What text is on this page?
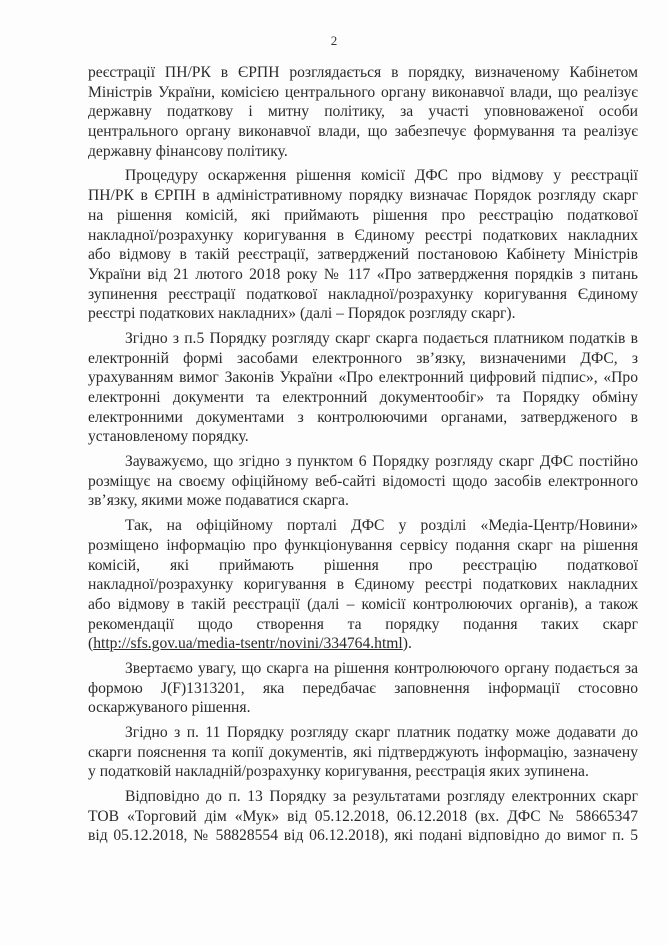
2
реєстрації ПН/РК в ЄРПН розглядається в порядку, визначеному Кабінетом
Міністрів України, комісією центрального органу виконавчої влади, що реалізує
державну податкову і митну політику, за участі уповноваженої особи
центрального органу виконавчої влади, що забезпечує формування та реалізує
державну фінансову політику.
Процедуру оскарження рішення комісії ДФС про відмову у реєстрації
ПН/РК в ЄРПН в адміністративному порядку визначає Порядок розгляду скарг
на рішення комісій, які приймають рішення про реєстрацію податкової
накладної/розрахунку коригування в Єдиному реєстрі податкових накладних
або відмову в такій реєстрації, затверджений постановою Кабінету Міністрів
України від 21 лютого 2018 року № 117 «Про затвердження порядків з питань
зупинення реєстрації податкової накладної/розрахунку коригування Єдиному
реєстрі податкових накладних» (далі – Порядок розгляду скарг).
Згідно з п.5 Порядку розгляду скарг скарга подається платником податків в
електронній формі засобами електронного зв’язку, визначеними ДФС, з
урахуванням вимог Законів України «Про електронний цифровий підпис», «Про
електронні документи та електронний документообіг» та Порядку обміну
електронними документами з контролюючими органами, затвердженого в
установленому порядку.
Зауважуємо, що згідно з пунктом 6 Порядку розгляду скарг ДФС постійно
розміщує на своєму офіційному веб-сайті відомості щодо засобів електронного
зв’язку, якими може подаватися скарга.
Так, на офіційному порталі ДФС у розділі «Медіа-Центр/Новини»
розміщено інформацію про функціонування сервісу подання скарг на рішення
комісій, які приймають рішення про реєстрацію податкової
накладної/розрахунку коригування в Єдиному реєстрі податкових накладних
або відмову в такій реєстрації (далі – комісії контролюючих органів), а також
рекомендації щодо створення та порядку подання таких скарг
(http://sfs.gov.ua/media-tsentr/novini/334764.html).
Звертаємо увагу, що скарга на рішення контролюючого органу подається за
формою J(F)1313201, яка передбачає заповнення інформації стосовно
оскаржуваного рішення.
Згідно з п. 11 Порядку розгляду скарг платник податку може додавати до
скарги пояснення та копії документів, які підтверджують інформацію, зазначену
у податковій накладній/розрахунку коригування, реєстрація яких зупинена.
Відповідно до п. 13 Порядку за результатами розгляду електронних скарг
ТОВ «Торговий дім «Мук» від 05.12.2018, 06.12.2018 (вх. ДФС № 58665347
від 05.12.2018, № 58828554 від 06.12.2018), які подані відповідно до вимог п. 5
